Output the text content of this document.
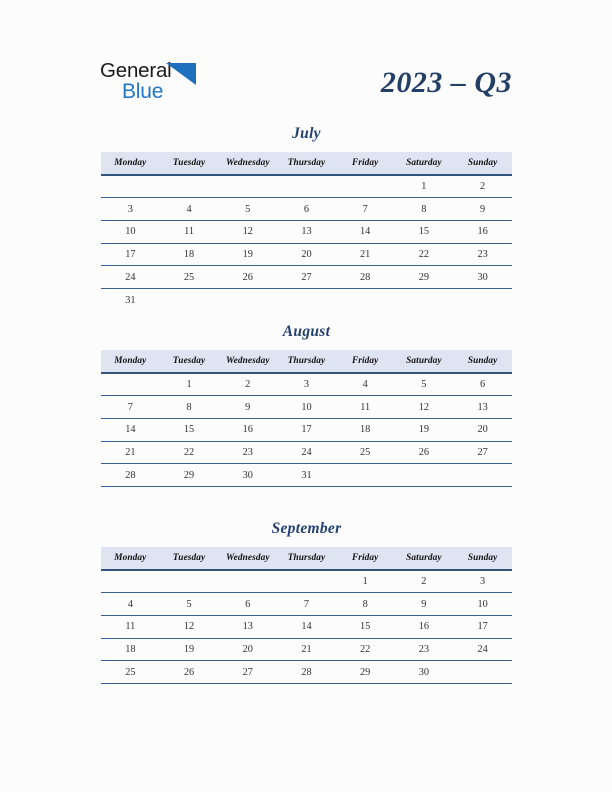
General
Blue	2023 – Q3
July
Monday	Tuesday	Wednesday	Thursday	Friday	Saturday	Sunday
					1	2
3	4	5	6	7	8	9
10	11	12	13	14	15	16
17	18	19	20	21	22	23
24	25	26	27	28	29	30
31						
August
Monday	Tuesday	Wednesday	Thursday	Friday	Saturday	Sunday
	1	2	3	4	5	6
7	8	9	10	11	12	13
14	15	16	17	18	19	20
21	22	23	24	25	26	27
28	29	30	31			
September
Monday	Tuesday	Wednesday	Thursday	Friday	Saturday	Sunday
				1	2	3
4	5	6	7	8	9	10
11	12	13	14	15	16	17
18	19	20	21	22	23	24
25	26	27	28	29	30	
